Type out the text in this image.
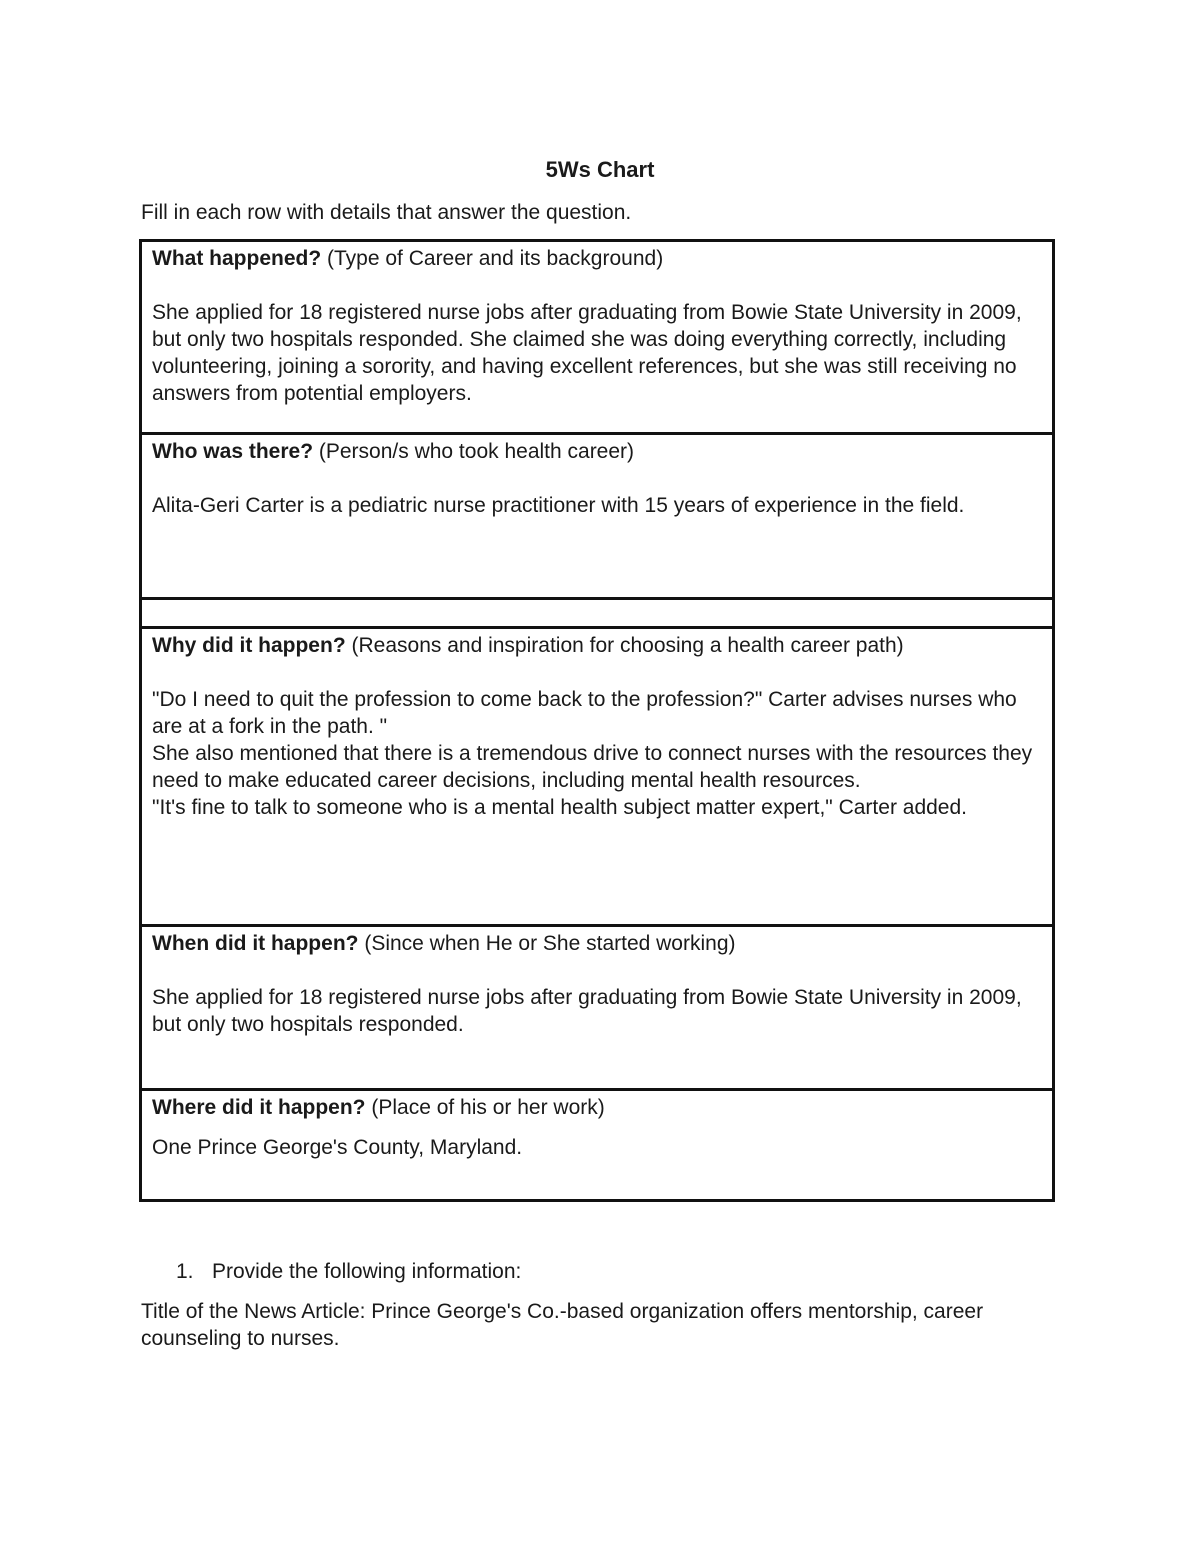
5Ws Chart
Fill in each row with details that answer the question.

What happened? (Type of Career and its background)

She applied for 18 registered nurse jobs after graduating from Bowie State University in 2009, but only two hospitals responded. She claimed she was doing everything correctly, including volunteering, joining a sorority, and having excellent references, but she was still receiving no answers from potential employers.

Who was there? (Person/s who took health career)

Alita-Geri Carter is a pediatric nurse practitioner with 15 years of experience in the field.

Why did it happen? (Reasons and inspiration for choosing a health career path)

"Do I need to quit the profession to come back to the profession?" Carter advises nurses who are at a fork in the path. "

She also mentioned that there is a tremendous drive to connect nurses with the resources they need to make educated career decisions, including mental health resources.

"It's fine to talk to someone who is a mental health subject matter expert," Carter added.

When did it happen? (Since when He or She started working)

She applied for 18 registered nurse jobs after graduating from Bowie State University in 2009, but only two hospitals responded.

Where did it happen? (Place of his or her work)

One Prince George's County, Maryland.

1. Provide the following information:
Title of the News Article: Prince George's Co.-based organization offers mentorship, career counseling to nurses.
